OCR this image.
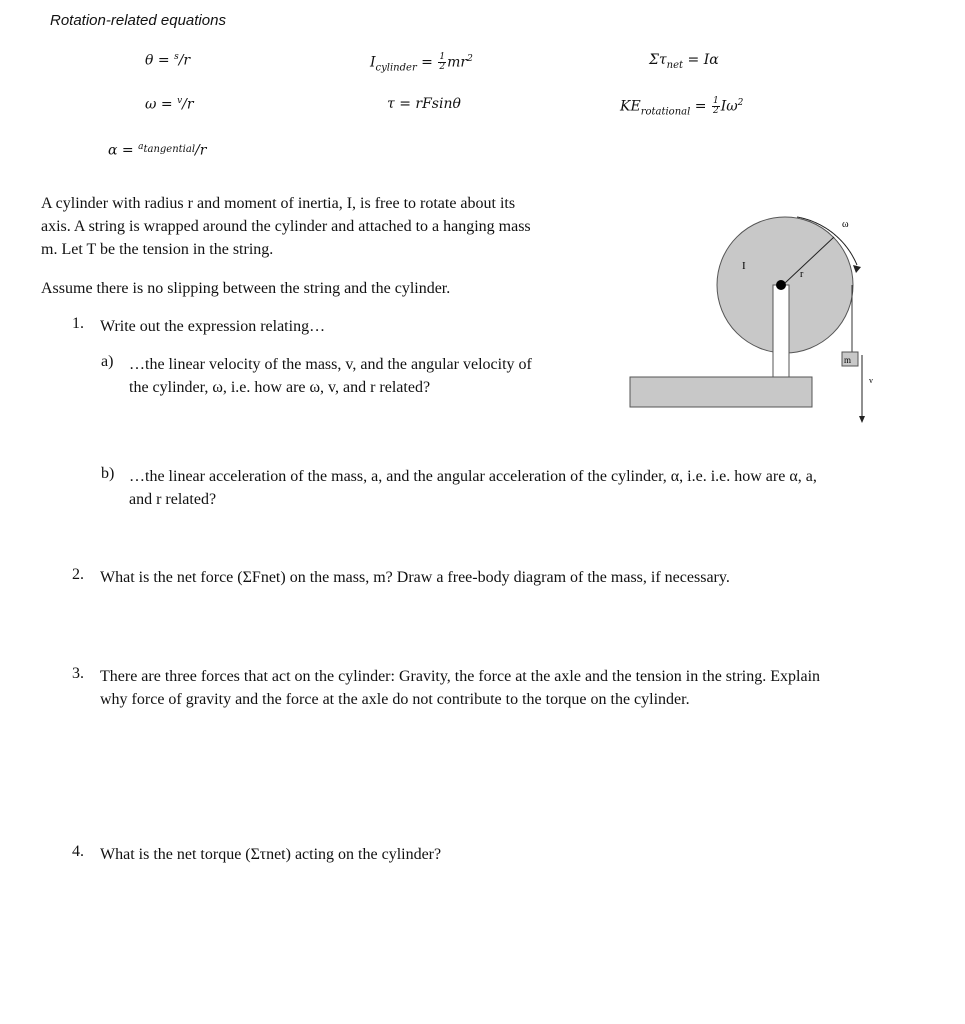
Rotation-related equations
θ = $^s$/r
ω = $^v$/r
α = $^{a_{tangential}}$/r
$I_{cylinder} = \frac{1}{2} mr^2$
τ = rFsinθ
$\Sigma\tau_{net} = I\alpha$
$KE_{rotational} = \frac{1}{2} I\omega^2$
A cylinder with radius r and moment of inertia, I, is free to rotate about its
axis. A string is wrapped around the cylinder and attached to a hanging mass
m. Let T be the tension in the string.
Assume there is no slipping between the string and the cylinder.
1. Write out the expression relating…
a) …the linear velocity of the mass, v, and the angular velocity of
the cylinder, ω, i.e. how are ω, v, and r related?
I
r
ω
m
v
b) …the linear acceleration of the mass, a, and the angular acceleration of the cylinder, α, i.e. i.e. how are α, a,
and r related?
2. What is the net force (ΣFnet) on the mass, m? Draw a free-body diagram of the mass, if necessary.
3. There are three forces that act on the cylinder: Gravity, the force at the axle and the tension in the string. Explain
why force of gravity and the force at the axle do not contribute to the torque on the cylinder.
4. What is the net torque (Στnet) acting on the cylinder?
